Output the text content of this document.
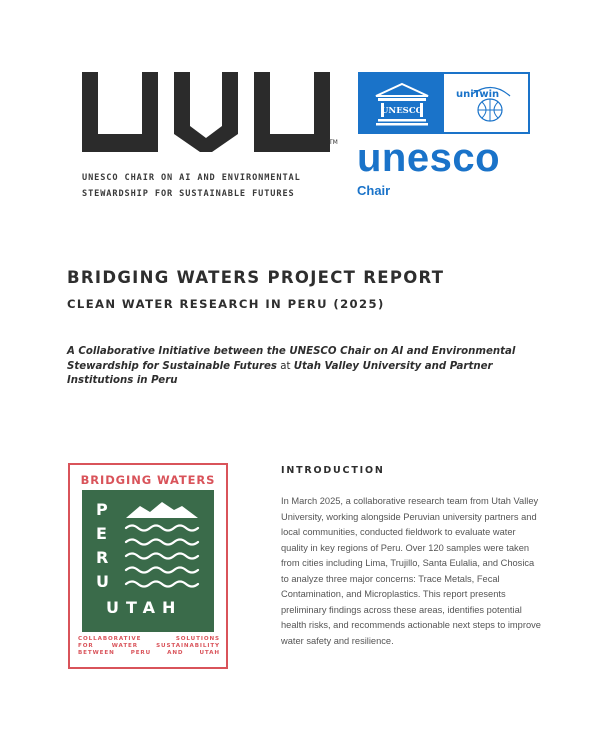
TM
UNESCO CHAIR ON AI AND ENVIRONMENTAL
STEWARDSHIP FOR SUSTAINABLE FUTURES
UNESCO
uniTwin
unesco
Chair
BRIDGING WATERS PROJECT REPORT
CLEAN WATER RESEARCH IN PERU (2025)

A Collaborative Initiative between the UNESCO Chair on AI and Environmental Stewardship for Sustainable Futures at Utah Valley University and Partner Institutions in Peru

BRIDGING WATERS
P
E
R
U
UTAH
COLLABORATIVE SOLUTIONS
FOR WATER SUSTAINABILITY
BETWEEN PERU AND UTAH
INTRODUCTION

In March 2025, a collaborative research team from Utah Valley University, working alongside Peruvian university partners and local communities, conducted fieldwork to evaluate water quality in key regions of Peru. Over 120 samples were taken from cities including Lima, Trujillo, Santa Eulalia, and Chosica to analyze three major concerns: Trace Metals, Fecal Contamination, and Microplastics. This report presents preliminary findings across these areas, identifies potential health risks, and recommends actionable next steps to improve water safety and resilience.
